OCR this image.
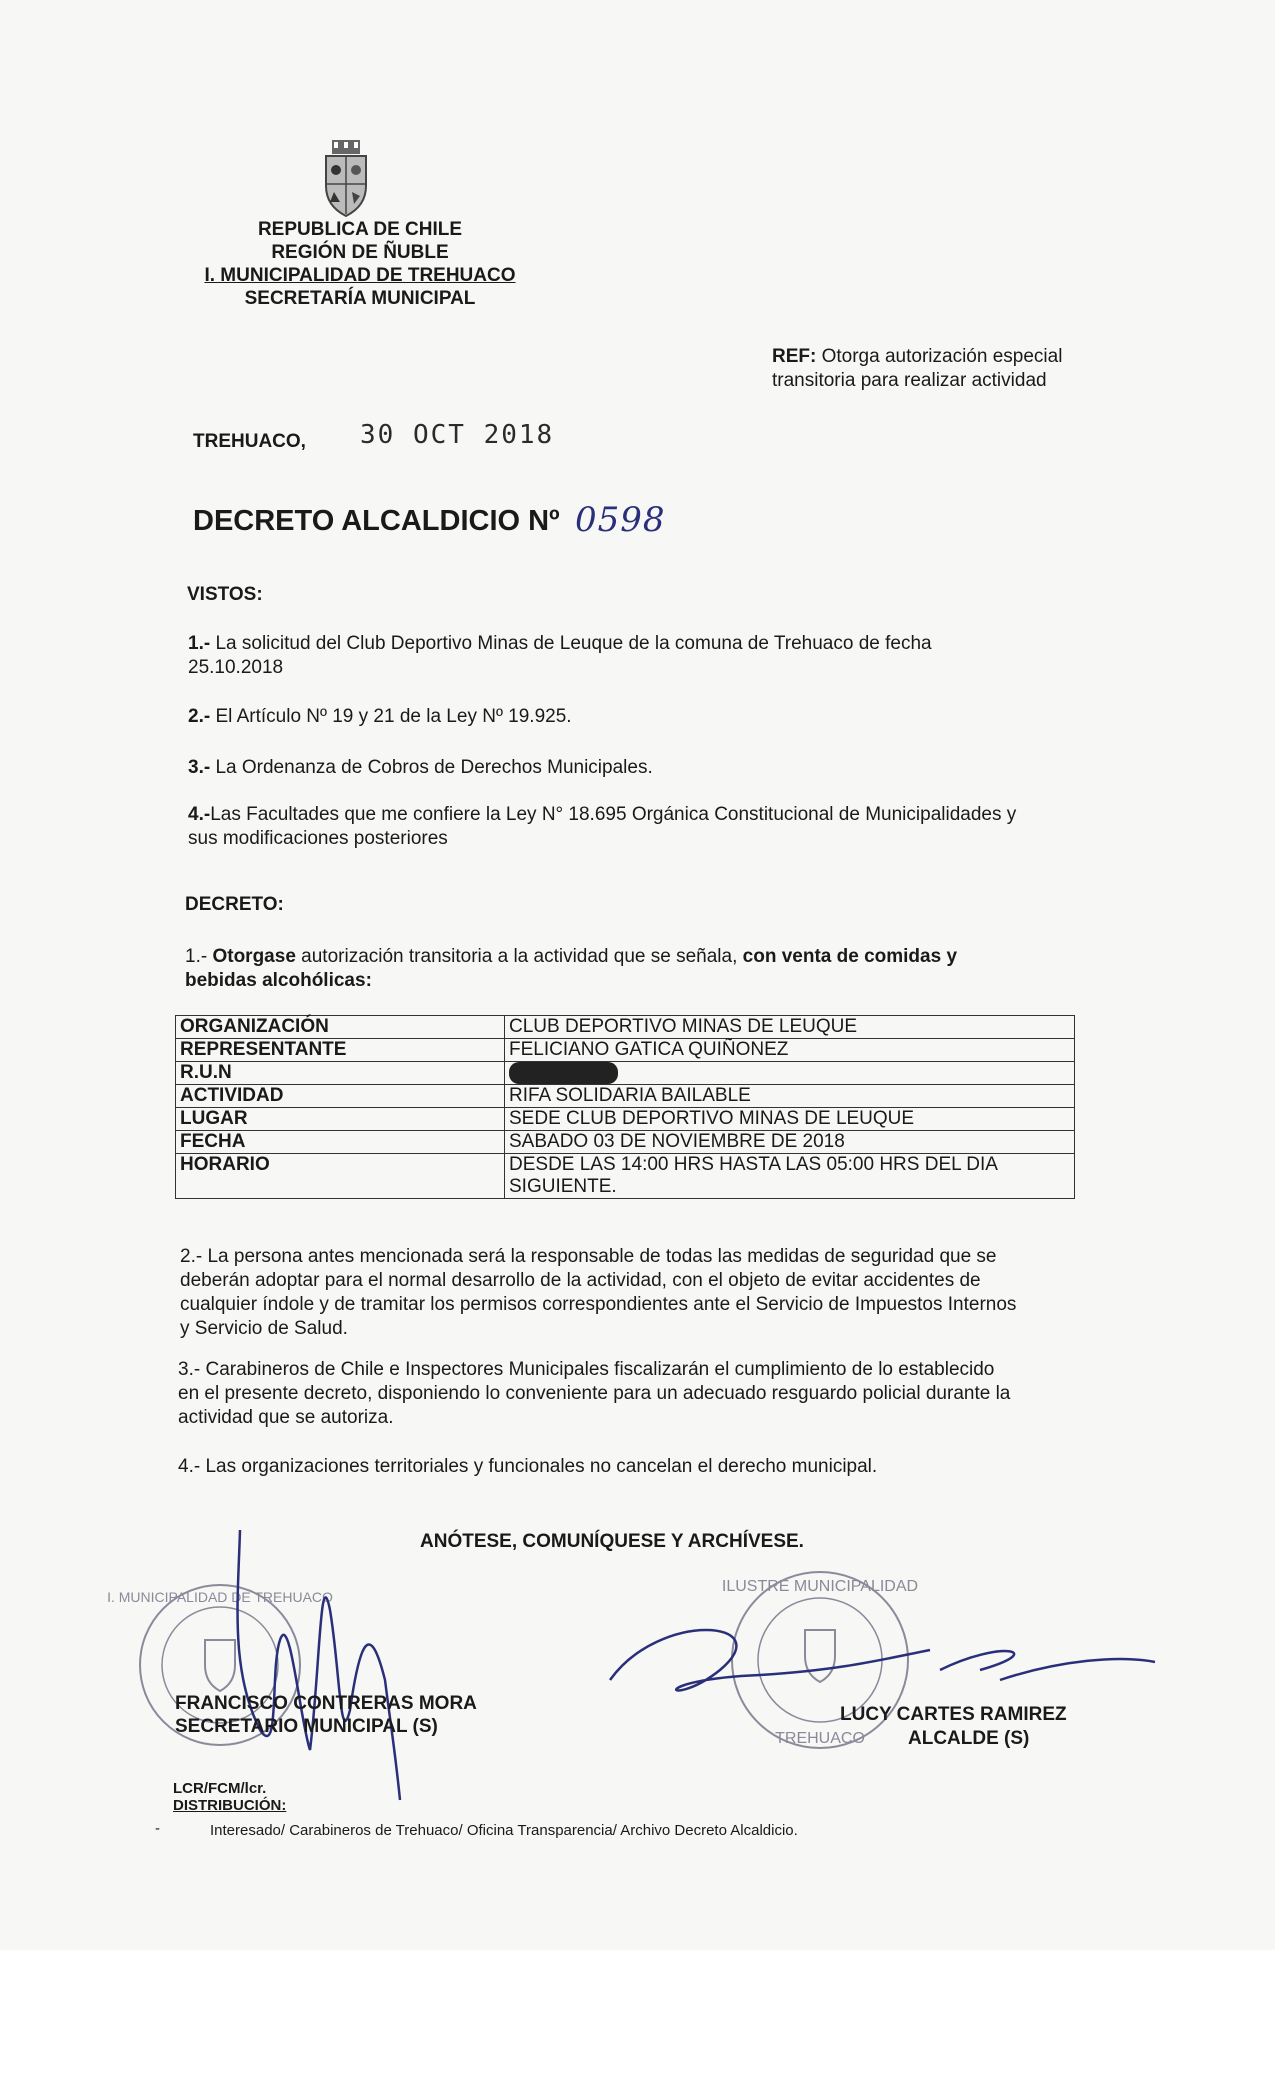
REPUBLICA DE CHILE
REGIÓN DE ÑUBLE
I. MUNICIPALIDAD DE TREHUACO
SECRETARÍA MUNICIPAL
REF: Otorga autorización especial
transitoria para realizar actividad
TREHUACO, 30 OCT 2018
DECRETO ALCALDICIO Nº 0598
VISTOS:
1.- La solicitud del Club Deportivo Minas de Leuque de la comuna de Trehuaco de fecha
25.10.2018
2.- El Artículo Nº 19 y 21 de la Ley Nº 19.925.
3.- La Ordenanza de Cobros de Derechos Municipales.
4.-Las Facultades que me confiere la Ley N° 18.695 Orgánica Constitucional de Municipalidades y
sus modificaciones posteriores
DECRETO:
1.- Otorgase autorización transitoria a la actividad que se señala, con venta de comidas y
bebidas alcohólicas:
ORGANIZACIÓN	CLUB DEPORTIVO MINAS DE LEUQUE
REPRESENTANTE	FELICIANO GATICA QUIÑONEZ
R.U.N	9.499.587-6
ACTIVIDAD	RIFA SOLIDARIA BAILABLE
LUGAR	SEDE CLUB DEPORTIVO MINAS DE LEUQUE
FECHA	SABADO 03 DE NOVIEMBRE DE 2018
HORARIO	DESDE LAS 14:00 HRS HASTA LAS 05:00 HRS DEL DIA
SIGUIENTE.
2.- La persona antes mencionada será la responsable de todas las medidas de seguridad que se
deberán adoptar para el normal desarrollo de la actividad, con el objeto de evitar accidentes de
cualquier índole y de tramitar los permisos correspondientes ante el Servicio de Impuestos Internos
y Servicio de Salud.
3.- Carabineros de Chile e Inspectores Municipales fiscalizarán el cumplimiento de lo establecido
en el presente decreto, disponiendo lo conveniente para un adecuado resguardo policial durante la
actividad que se autoriza.
4.- Las organizaciones territoriales y funcionales no cancelan el derecho municipal.
ANÓTESE, COMUNÍQUESE Y ARCHÍVESE.
I. MUNICIPALIDAD DE TREHUACO
ILUSTRE MUNICIPALIDAD
TREHUACO
FRANCISCO CONTRERAS MORA
SECRETARIO MUNICIPAL (S)
LUCY CARTES RAMIREZ
ALCALDE (S)
LCR/FCM/lcr.
DISTRIBUCIÓN:
-	Interesado/ Carabineros de Trehuaco/ Oficina Transparencia/ Archivo Decreto Alcaldicio.
